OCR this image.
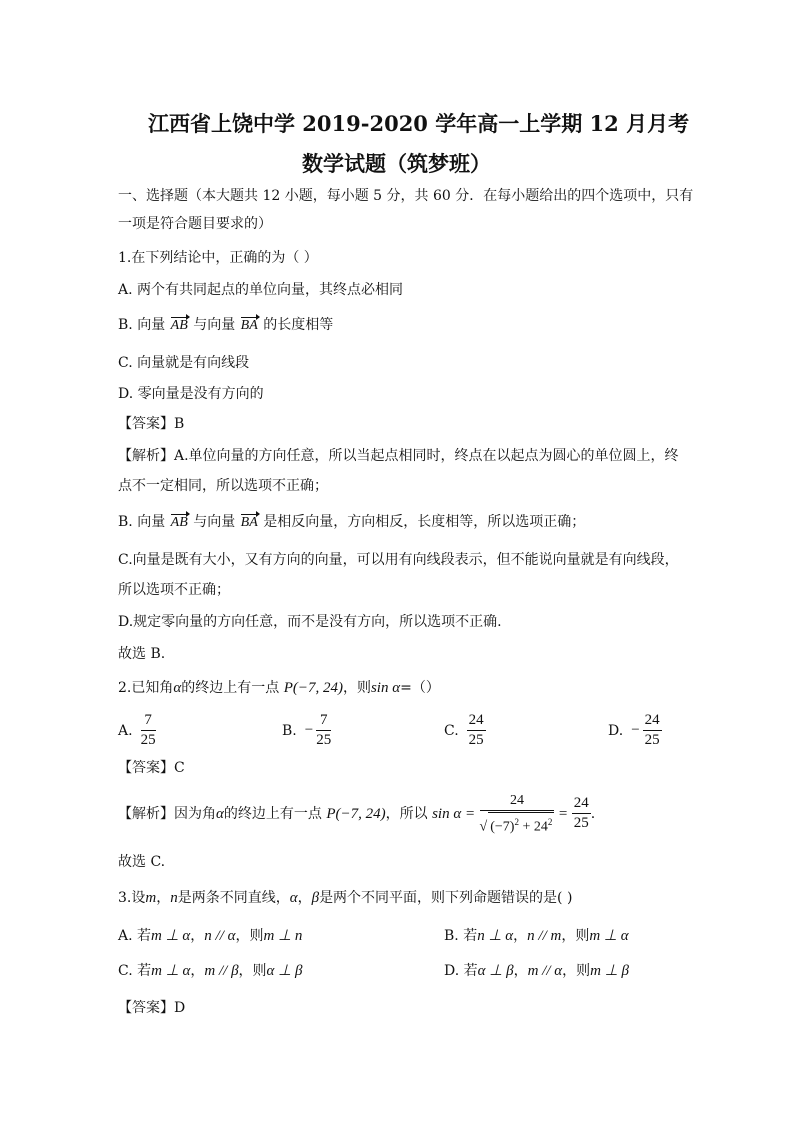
江西省上饶中学 2019-2020 学年高一上学期 12 月月考
数学试题（筑梦班）
一、选择题（本大题共 12 小题，每小题 5 分，共 60 分．在每小题给出的四个选项中，只有
一项是符合题目要求的）
1.在下列结论中，正确的为（ ）
A. 两个有共同起点的单位向量，其终点必相同
B. 向量 AB 与向量 BA 的长度相等
C. 向量就是有向线段
D. 零向量是没有方向的
【答案】B
【解析】A.单位向量的方向任意，所以当起点相同时，终点在以起点为圆心的单位圆上，终
点不一定相同，所以选项不正确；
B. 向量 AB 与向量 BA 是相反向量，方向相反，长度相等，所以选项正确；
C.向量是既有大小，又有方向的向量，可以用有向线段表示，但不能说向量就是有向线段，
所以选项不正确；
D.规定零向量的方向任意，而不是没有方向，所以选项不正确.
故选 B.
2.已知角α的终边上有一点 P(−7, 24)，则sin α=（）
A. $\frac{7}{25}$	B. − $\frac{7}{25}$	C. $\frac{24}{25}$	D. − $\frac{24}{25}$
【答案】C
【解析】因为角α的终边上有一点 P(−7, 24)，所以 $\sin \alpha = \frac{24}{√ (-7)^2 + 24^2} = \frac{24}{25}$ .
故选 C.
3.设m，n是两条不同直线，α，β是两个不同平面，则下列命题错误的是( )
A. 若m ⊥ α，n // α，则m ⊥ n	B. 若n ⊥ α，n // m，则m ⊥ α
C. 若m ⊥ α，m // β，则α ⊥ β	D. 若α ⊥ β，m // α，则m ⊥ β
【答案】D
